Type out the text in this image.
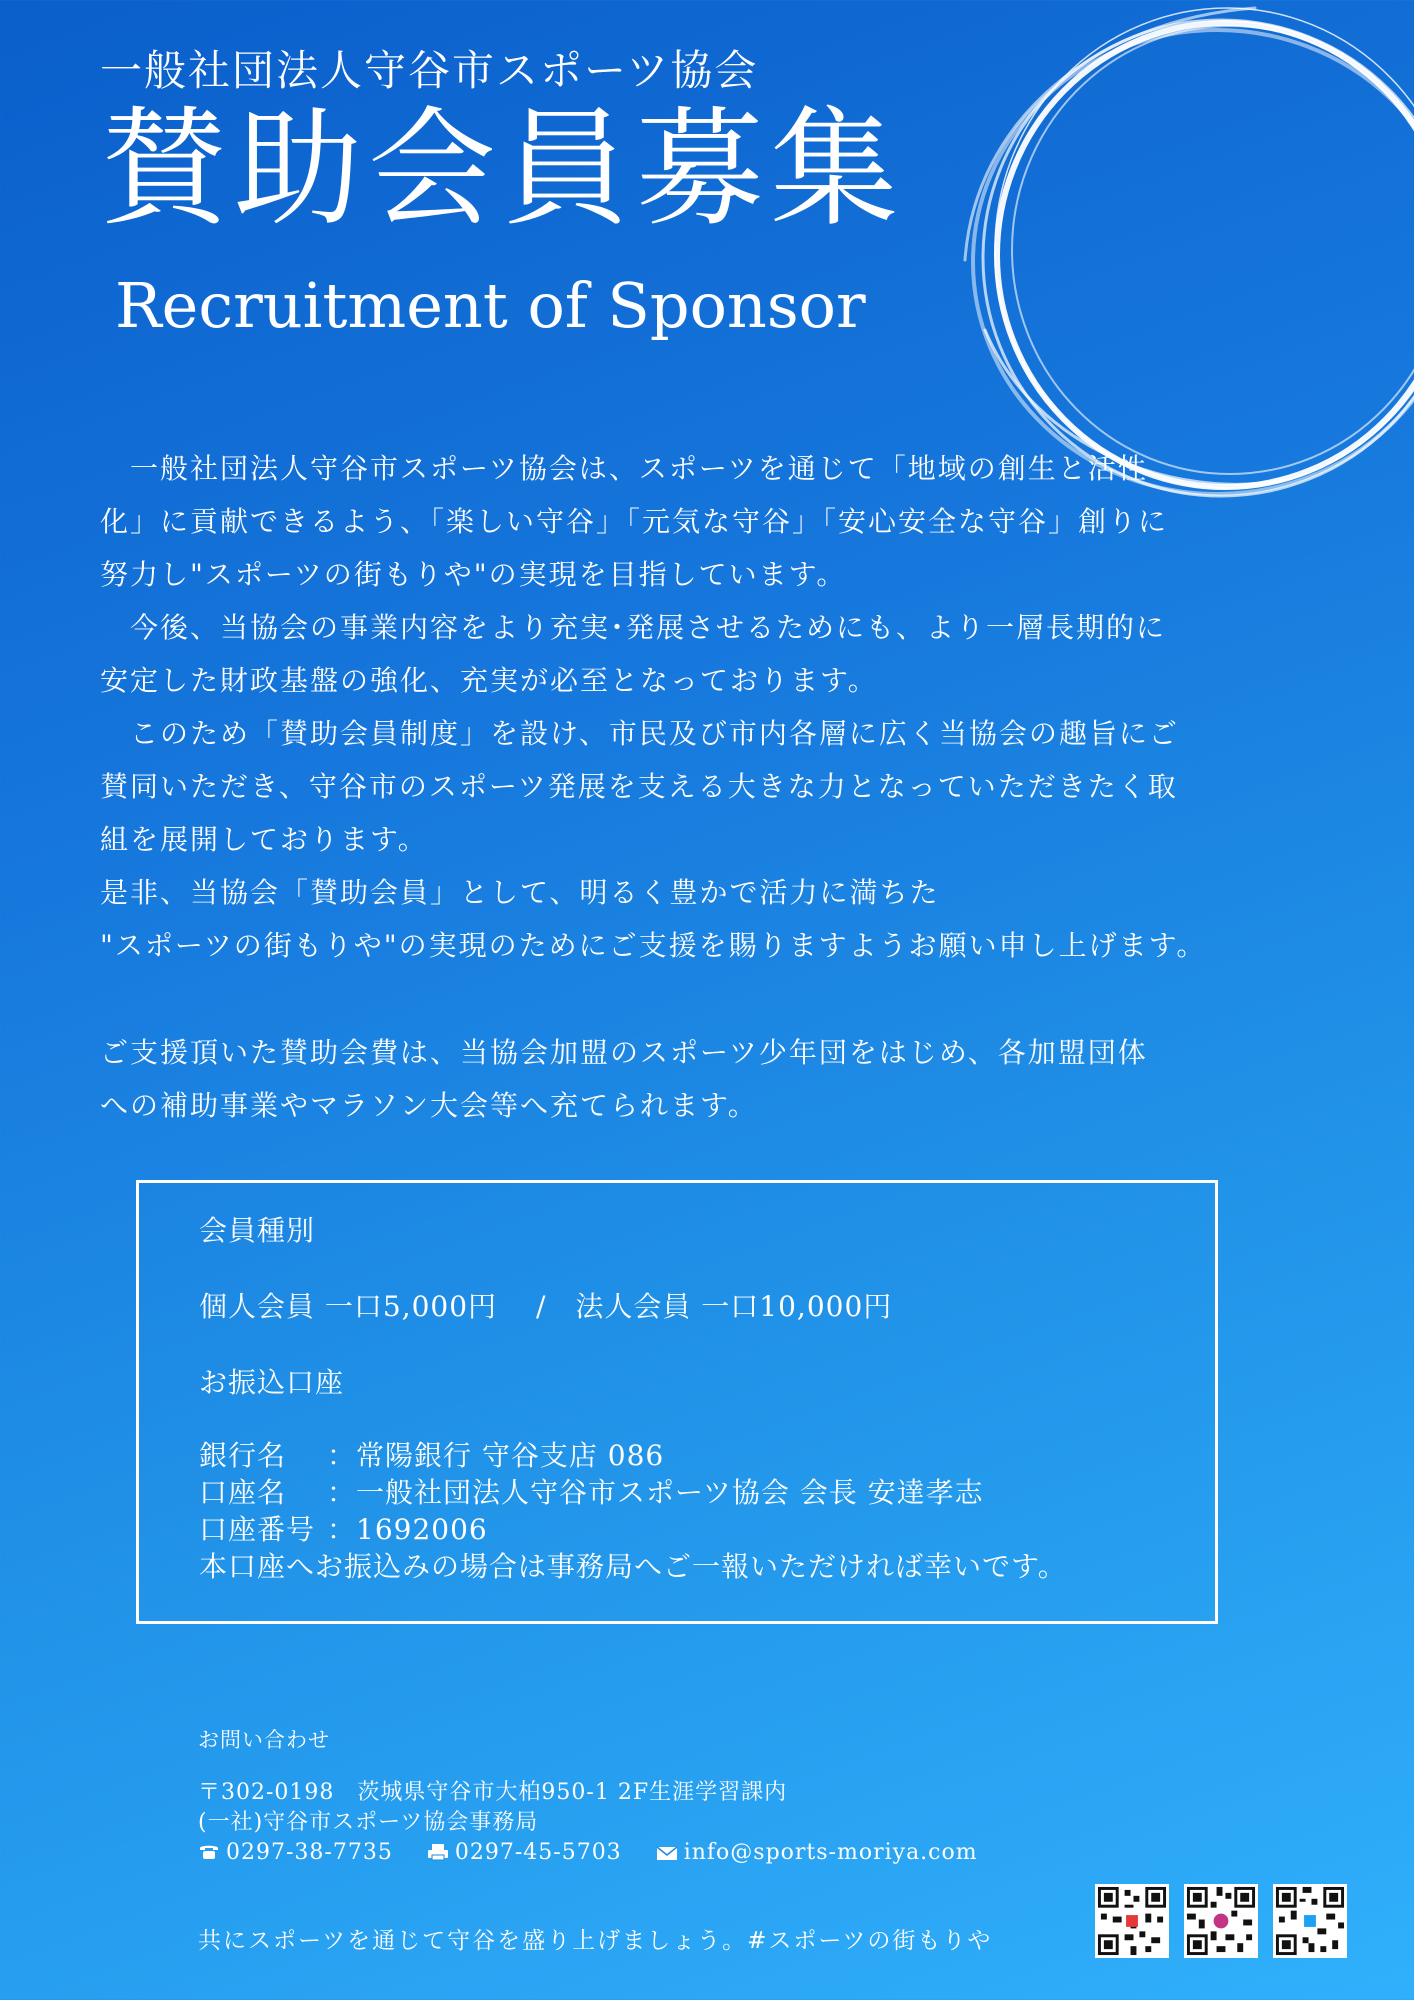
一般社団法人守谷市スポーツ協会
賛助会員募集
Recruitment of Sponsor

　一般社団法人守谷市スポーツ協会は、スポーツを通じて「地域の創生と活性

化」に貢献できるよう、「楽しい守谷」「元気な守谷」「安心安全な守谷」創りに

努力し"スポーツの街もりや"の実現を目指しています。

　今後、当協会の事業内容をより充実･発展させるためにも、より一層長期的に

安定した財政基盤の強化、充実が必至となっております。

　このため「賛助会員制度」を設け、市民及び市内各層に広く当協会の趣旨にご

賛同いただき、守谷市のスポーツ発展を支える大きな力となっていただきたく取

組を展開しております。

是非、当協会「賛助会員」として、明るく豊かで活力に満ちた

"スポーツの街もりや"の実現のためにご支援を賜りますようお願い申し上げます。

ご支援頂いた賛助会費は、当協会加盟のスポーツ少年団をはじめ、各加盟団体

への補助事業やマラソン大会等へ充てられます。

会員種別
個人会員 一口5,000円　 /　法人会員 一口10,000円
お振込口座
銀行名 ：常陽銀行 守谷支店 086
口座名 ：一般社団法人守谷市スポーツ協会 会長 安達孝志
口座番号 ：1692006
本口座へお振込みの場合は事務局へご一報いただければ幸いです。
お問い合わせ
〒302-0198　茨城県守谷市大柏950-1 2F生涯学習課内
(一社)守谷市スポーツ協会事務局
0297-38-7735	0297-45-5703	info@sports-moriya.com
共にスポーツを通じて守谷を盛り上げましょう。#スポーツの街もりや
